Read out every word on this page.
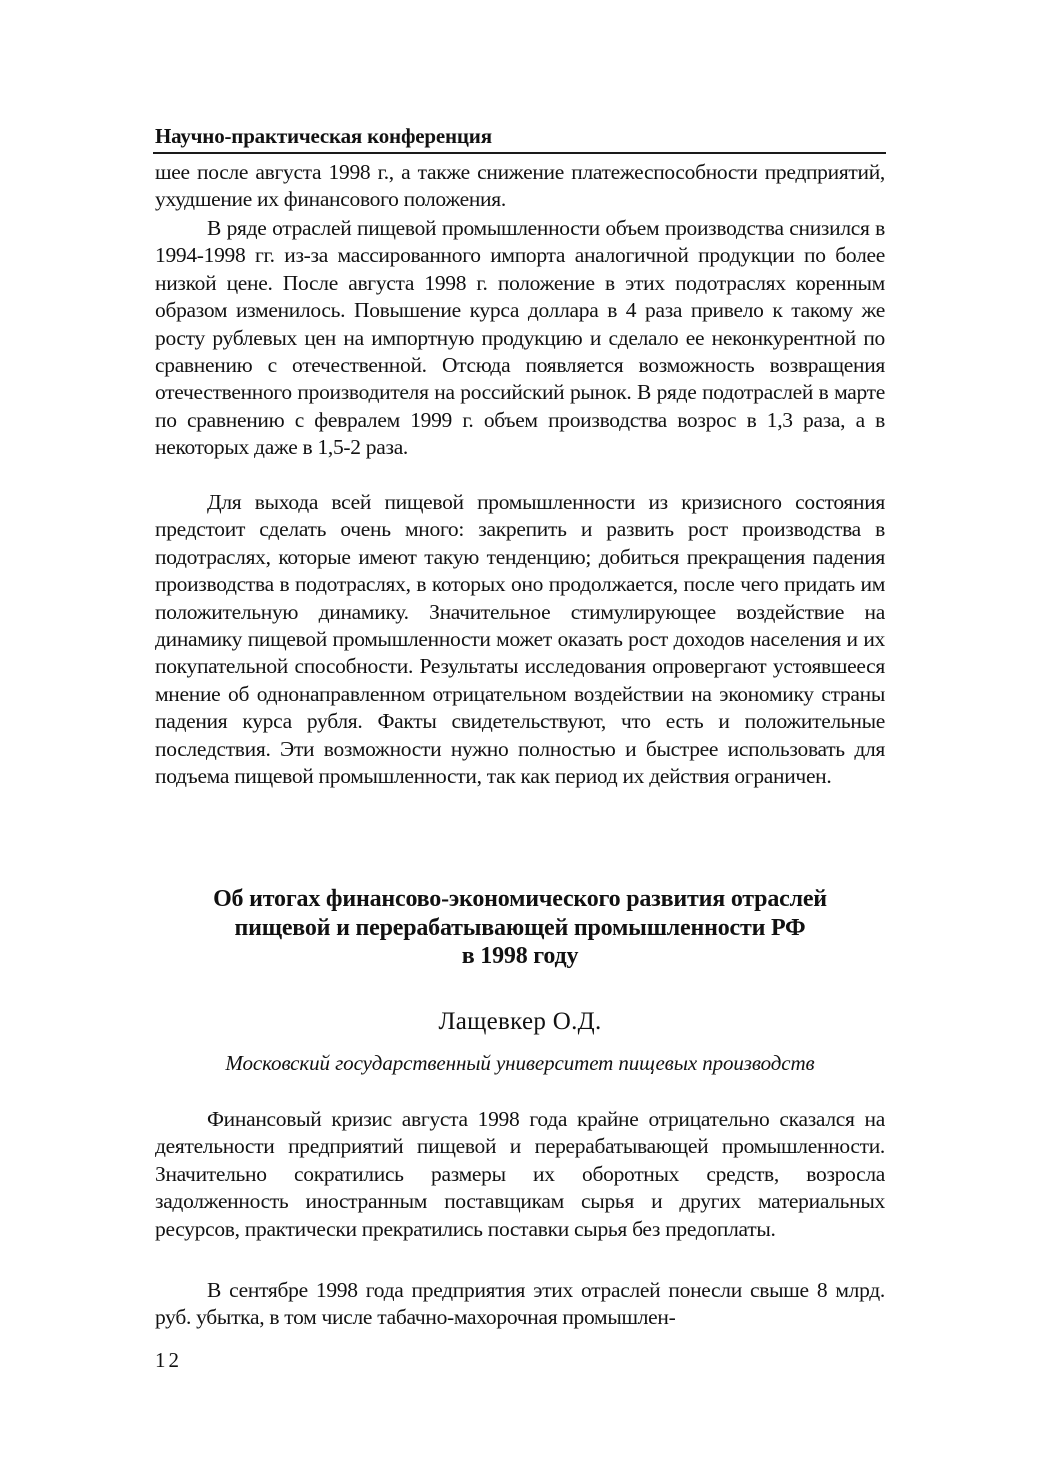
Научно-практическая конференция

шее после августа 1998 г., а также снижение платежеспособности предприятий, ухудшение их финансового положения.

В ряде отраслей пищевой промышленности объем производства снизился в 1994-1998 гг. из-за массированного импорта аналогичной продукции по более низкой цене. После августа 1998 г. положение в этих подотраслях коренным образом изменилось. Повышение курса доллара в 4 раза привело к такому же росту рублевых цен на импортную продукцию и сделало ее неконкурентной по сравнению с отечественной. Отсюда появляется возможность возвращения отечественного производителя на российский рынок. В ряде подотраслей в марте по сравнению с февралем 1999 г. объем производства возрос в 1,3 раза, а в некоторых даже в 1,5-2 раза.

Для выхода всей пищевой промышленности из кризисного состояния предстоит сделать очень много: закрепить и развить рост производства в подотраслях, которые имеют такую тенденцию; добиться прекращения падения производства в подотраслях, в которых оно продолжается, после чего придать им положительную динамику. Значительное стимулирующее воздействие на динамику пищевой промышленности может оказать рост доходов населения и их покупательной способности. Результаты исследования опровергают устоявшееся мнение об однонаправленном отрицательном воздействии на экономику страны падения курса рубля. Факты свидетельствуют, что есть и положительные последствия. Эти возможности нужно полностью и быстрее использовать для подъема пищевой промышленности, так как период их действия ограничен.

Об итогах финансово-экономического развития отраслей
пищевой и перерабатывающей промышленности РФ
в 1998 году
Лащевкер О.Д.
Московский государственный университет пищевых производств

Финансовый кризис августа 1998 года крайне отрицательно сказался на деятельности предприятий пищевой и перерабатывающей промышленности. Значительно сократились размеры их оборотных средств, возросла задолженность иностранным поставщикам сырья и других материальных ресурсов, практически прекратились поставки сырья без предоплаты.

В сентябре 1998 года предприятия этих отраслей понесли свыше 8 млрд. руб. убытка, в том числе табачно-махорочная промышлен-

12
